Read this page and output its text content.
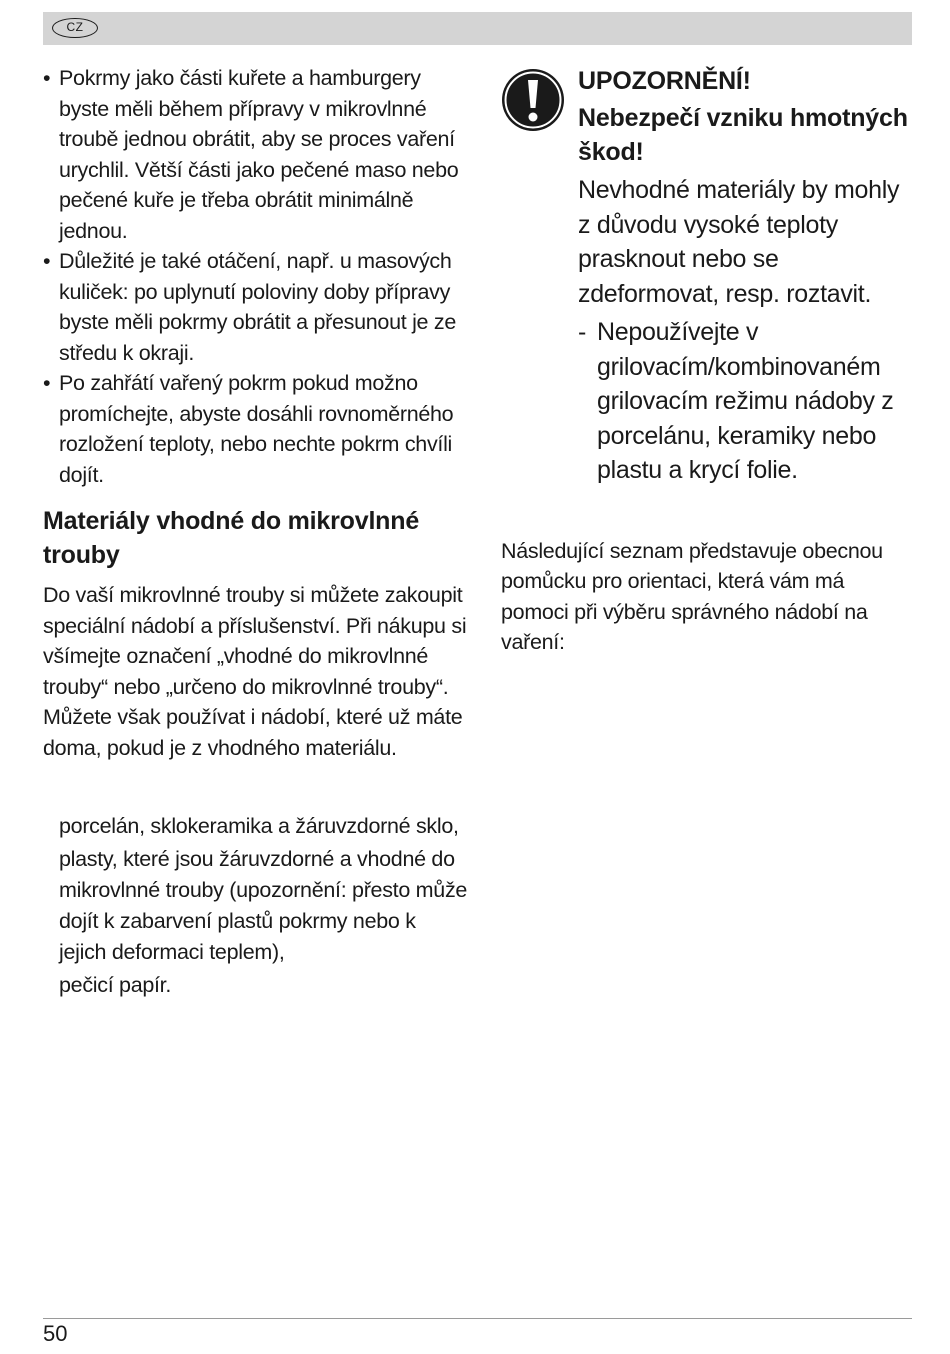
CZ
• Pokrmy jako části kuřete a hamburgery byste měli během přípravy v mikrovlnné troubě jednou obrátit, aby se proces vaření urychlil. Větší části jako pečené maso nebo pečené kuře je třeba obrátit minimálně jednou.
• Důležité je také otáčení, např. u masových kuliček: po uplynutí poloviny doby přípravy byste měli pokrmy obrátit a přesunout je ze středu k okraji.
• Po zahřátí vařený pokrm pokud možno promíchejte, abyste dosáhli rovnoměrného rozložení teploty, nebo nechte pokrm chvíli dojít.
Materiály vhodné do mikrovlnné trouby

Do vaší mikrovlnné trouby si můžete zakoupit speciální nádobí a příslušenství. Při nákupu si všímejte označení „vhodné do mikrovlnné trouby“ nebo „určeno do mikrovlnné trouby“. Můžete však používat i nádobí, které už máte doma, pokud je z vhodného materiálu.

porcelán, sklokeramika a žáruvzdorné sklo,
plasty, které jsou žáruvzdorné a vhodné do mikrovlnné trouby (upozornění: přesto může dojít k zabarvení plastů pokrmy nebo k jejich deformaci teplem),
pečicí papír.

UPOZORNĚNÍ!

Nebezpečí vzniku hmotných škod!

Nevhodné materiály by mohly z důvodu vysoké teploty prasknout nebo se zdeformovat, resp. roztavit.

- Nepoužívejte v grilovacím/kombinovaném grilovacím režimu nádoby z porcelánu, keramiky nebo plastu a krycí folie.

Následující seznam představuje obecnou pomůcku pro orientaci, která vám má pomoci při výběru správného nádobí na vaření:

50
